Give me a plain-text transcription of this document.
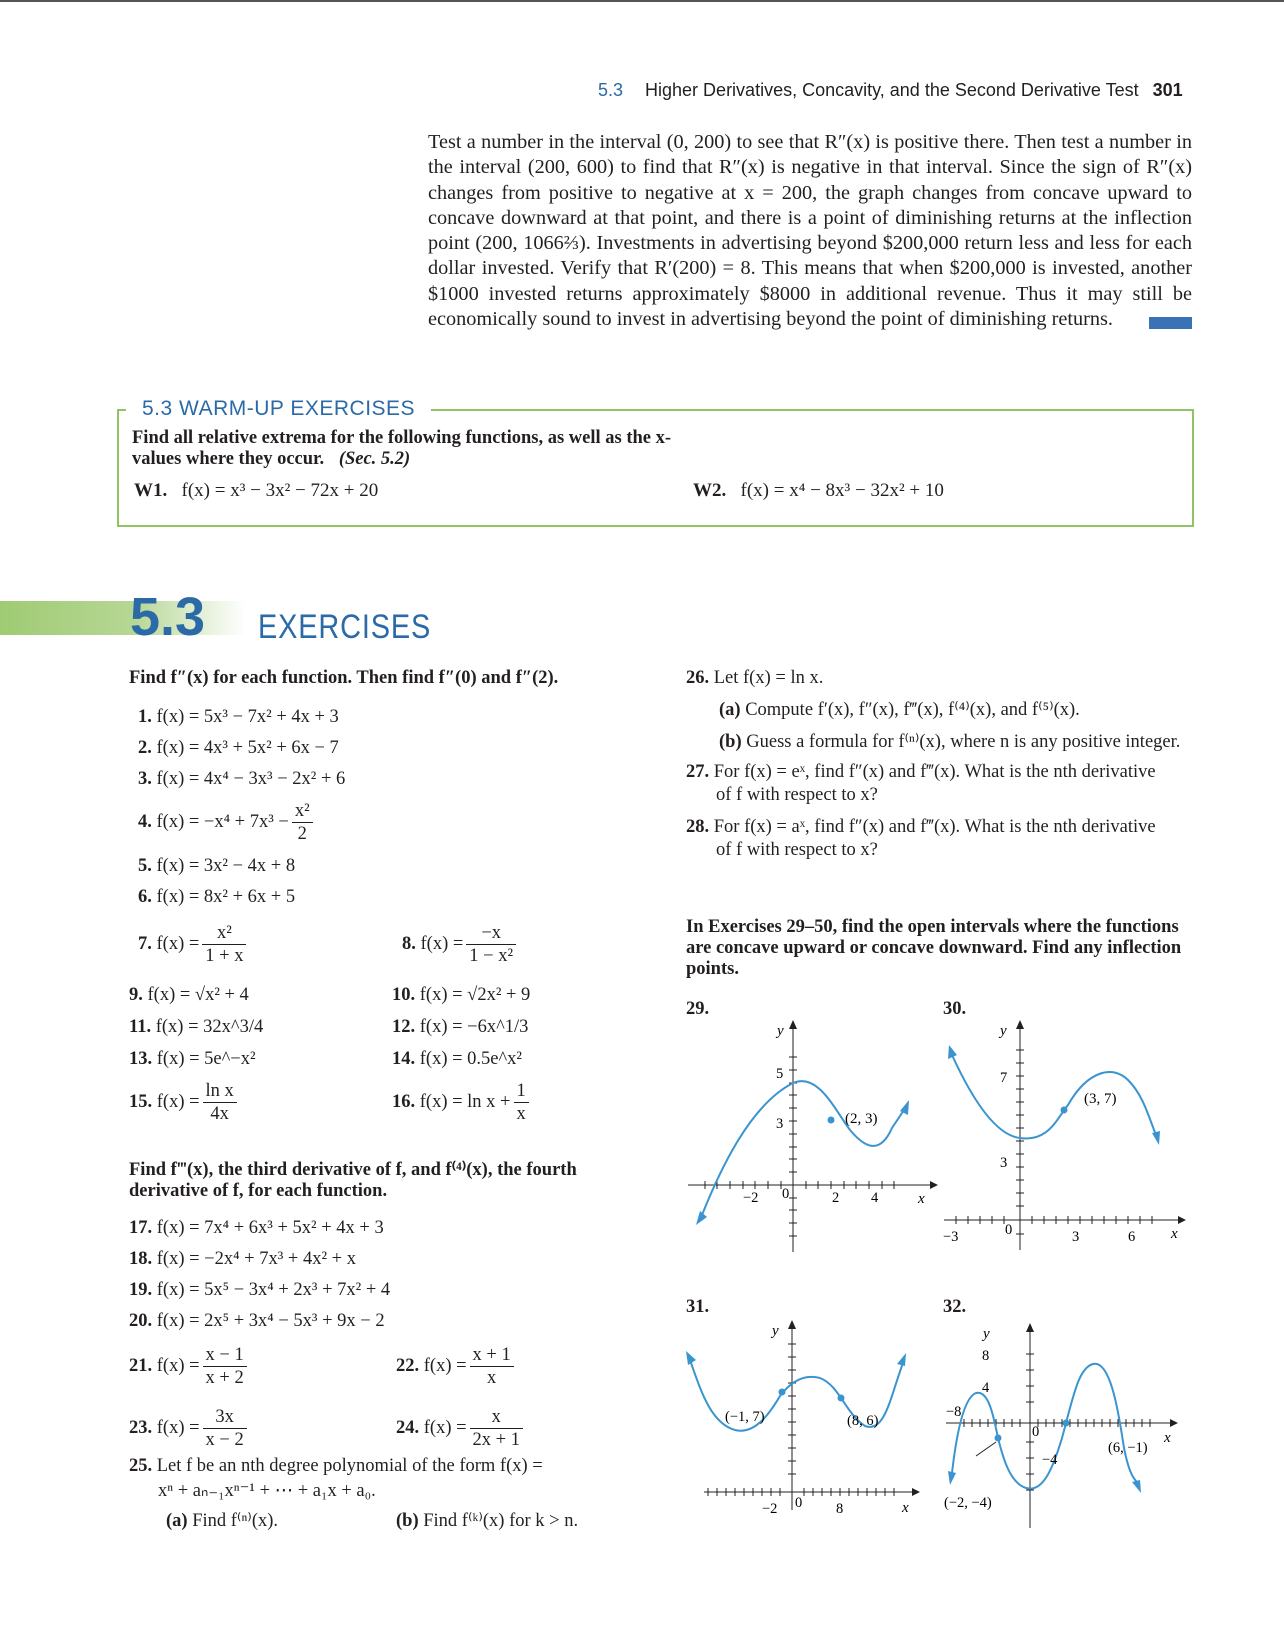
5.3 Higher Derivatives, Concavity, and the Second Derivative Test 301
Test a number in the interval (0, 200) to see that R″(x) is positive there. Then test a number in the interval (200, 600) to find that R″(x) is negative in that interval. Since the sign of R″(x) changes from positive to negative at x = 200, the graph changes from concave upward to concave downward at that point, and there is a point of diminishing returns at the inflection point (200, 1066⅔). Investments in advertising beyond $200,000 return less and less for each dollar invested. Verify that R′(200) = 8. This means that when $200,000 is invested, another $1000 invested returns approximately $8000 in additional revenue. Thus it may still be economically sound to invest in advertising beyond the point of diminishing returns.
5.3 WARM-UP EXERCISES
Find all relative extrema for the following functions, as well as the x-values where they occur. (Sec. 5.2)
W1. f(x) = x³ − 3x² − 72x + 20	W2. f(x) = x⁴ − 8x³ − 32x² + 10
5.3 EXERCISES
Find f″(x) for each function. Then find f″(0) and f″(2).
1. f(x) = 5x³ − 7x² + 4x + 3
2. f(x) = 4x³ + 5x² + 6x − 7
3. f(x) = 4x⁴ − 3x³ − 2x² + 6
4. $f(x) = -x^4 + 7x^3 - \frac{\text{x²}}{2}$
5. f(x) = 3x² − 4x + 8
6. f(x) = 8x² + 6x + 5
7. $f(x) = \frac{\text{x²}}{1 + x}$	8. $f(x) = \frac{-x}{\text{1 − x²}}$
9. f(x) = √x² + 4	10. f(x) = √2x² + 9
11. f(x) = 32x^3/4	12. f(x) = −6x^1/3
13. f(x) = 5e^−x²	14. f(x) = 0.5e^x²
15. $f(x) = \frac{\text{ln x}}{4x}$	16. $f(x) = \ln x + \frac{1}{x}$
Find f‴(x), the third derivative of f, and f⁽⁴⁾(x), the fourth derivative of f, for each function.
17. f(x) = 7x⁴ + 6x³ + 5x² + 4x + 3
18. f(x) = −2x⁴ + 7x³ + 4x² + x
19. f(x) = 5x⁵ − 3x⁴ + 2x³ + 7x² + 4
20. f(x) = 2x⁵ + 3x⁴ − 5x³ + 9x − 2
21. $f(x) = \frac{x - 1}{x + 2}$	22. $f(x) = \frac{x + 1}{x}$
23. $f(x) = \frac{3x}{x - 2}$	24. $f(x) = \frac{x}{2x + 1}$
25. Let f be an nth degree polynomial of the form f(x) =
xⁿ + aₙ₋₁xⁿ⁻¹ + ⋯ + a₁x + a₀.
(a) Find f⁽ⁿ⁾(x).	(b) Find f⁽ᵏ⁾(x) for k > n.
26. Let f(x) = ln x.
(a) Compute f′(x), f″(x), f‴(x), f⁽⁴⁾(x), and f⁽⁵⁾(x).
(b) Guess a formula for f⁽ⁿ⁾(x), where n is any positive integer.
27. For f(x) = eˣ, find f″(x) and f‴(x). What is the nth derivative
of f with respect to x?
28. For f(x) = aˣ, find f″(x) and f‴(x). What is the nth derivative
of f with respect to x?
In Exercises 29–50, find the open intervals where the functions are concave upward or concave downward. Find any inflection points.
29.	30.
31.	32.
y
x
5
3
−2 0	2 4
(2, 3)
y
x
7
3
−3	0	3	6
(3, 7)
y
x
(−1, 7)	(8, 6)
−2 0 8
y
x
8
4
−4
−8
0
(−2, −4)
(6, −1)
